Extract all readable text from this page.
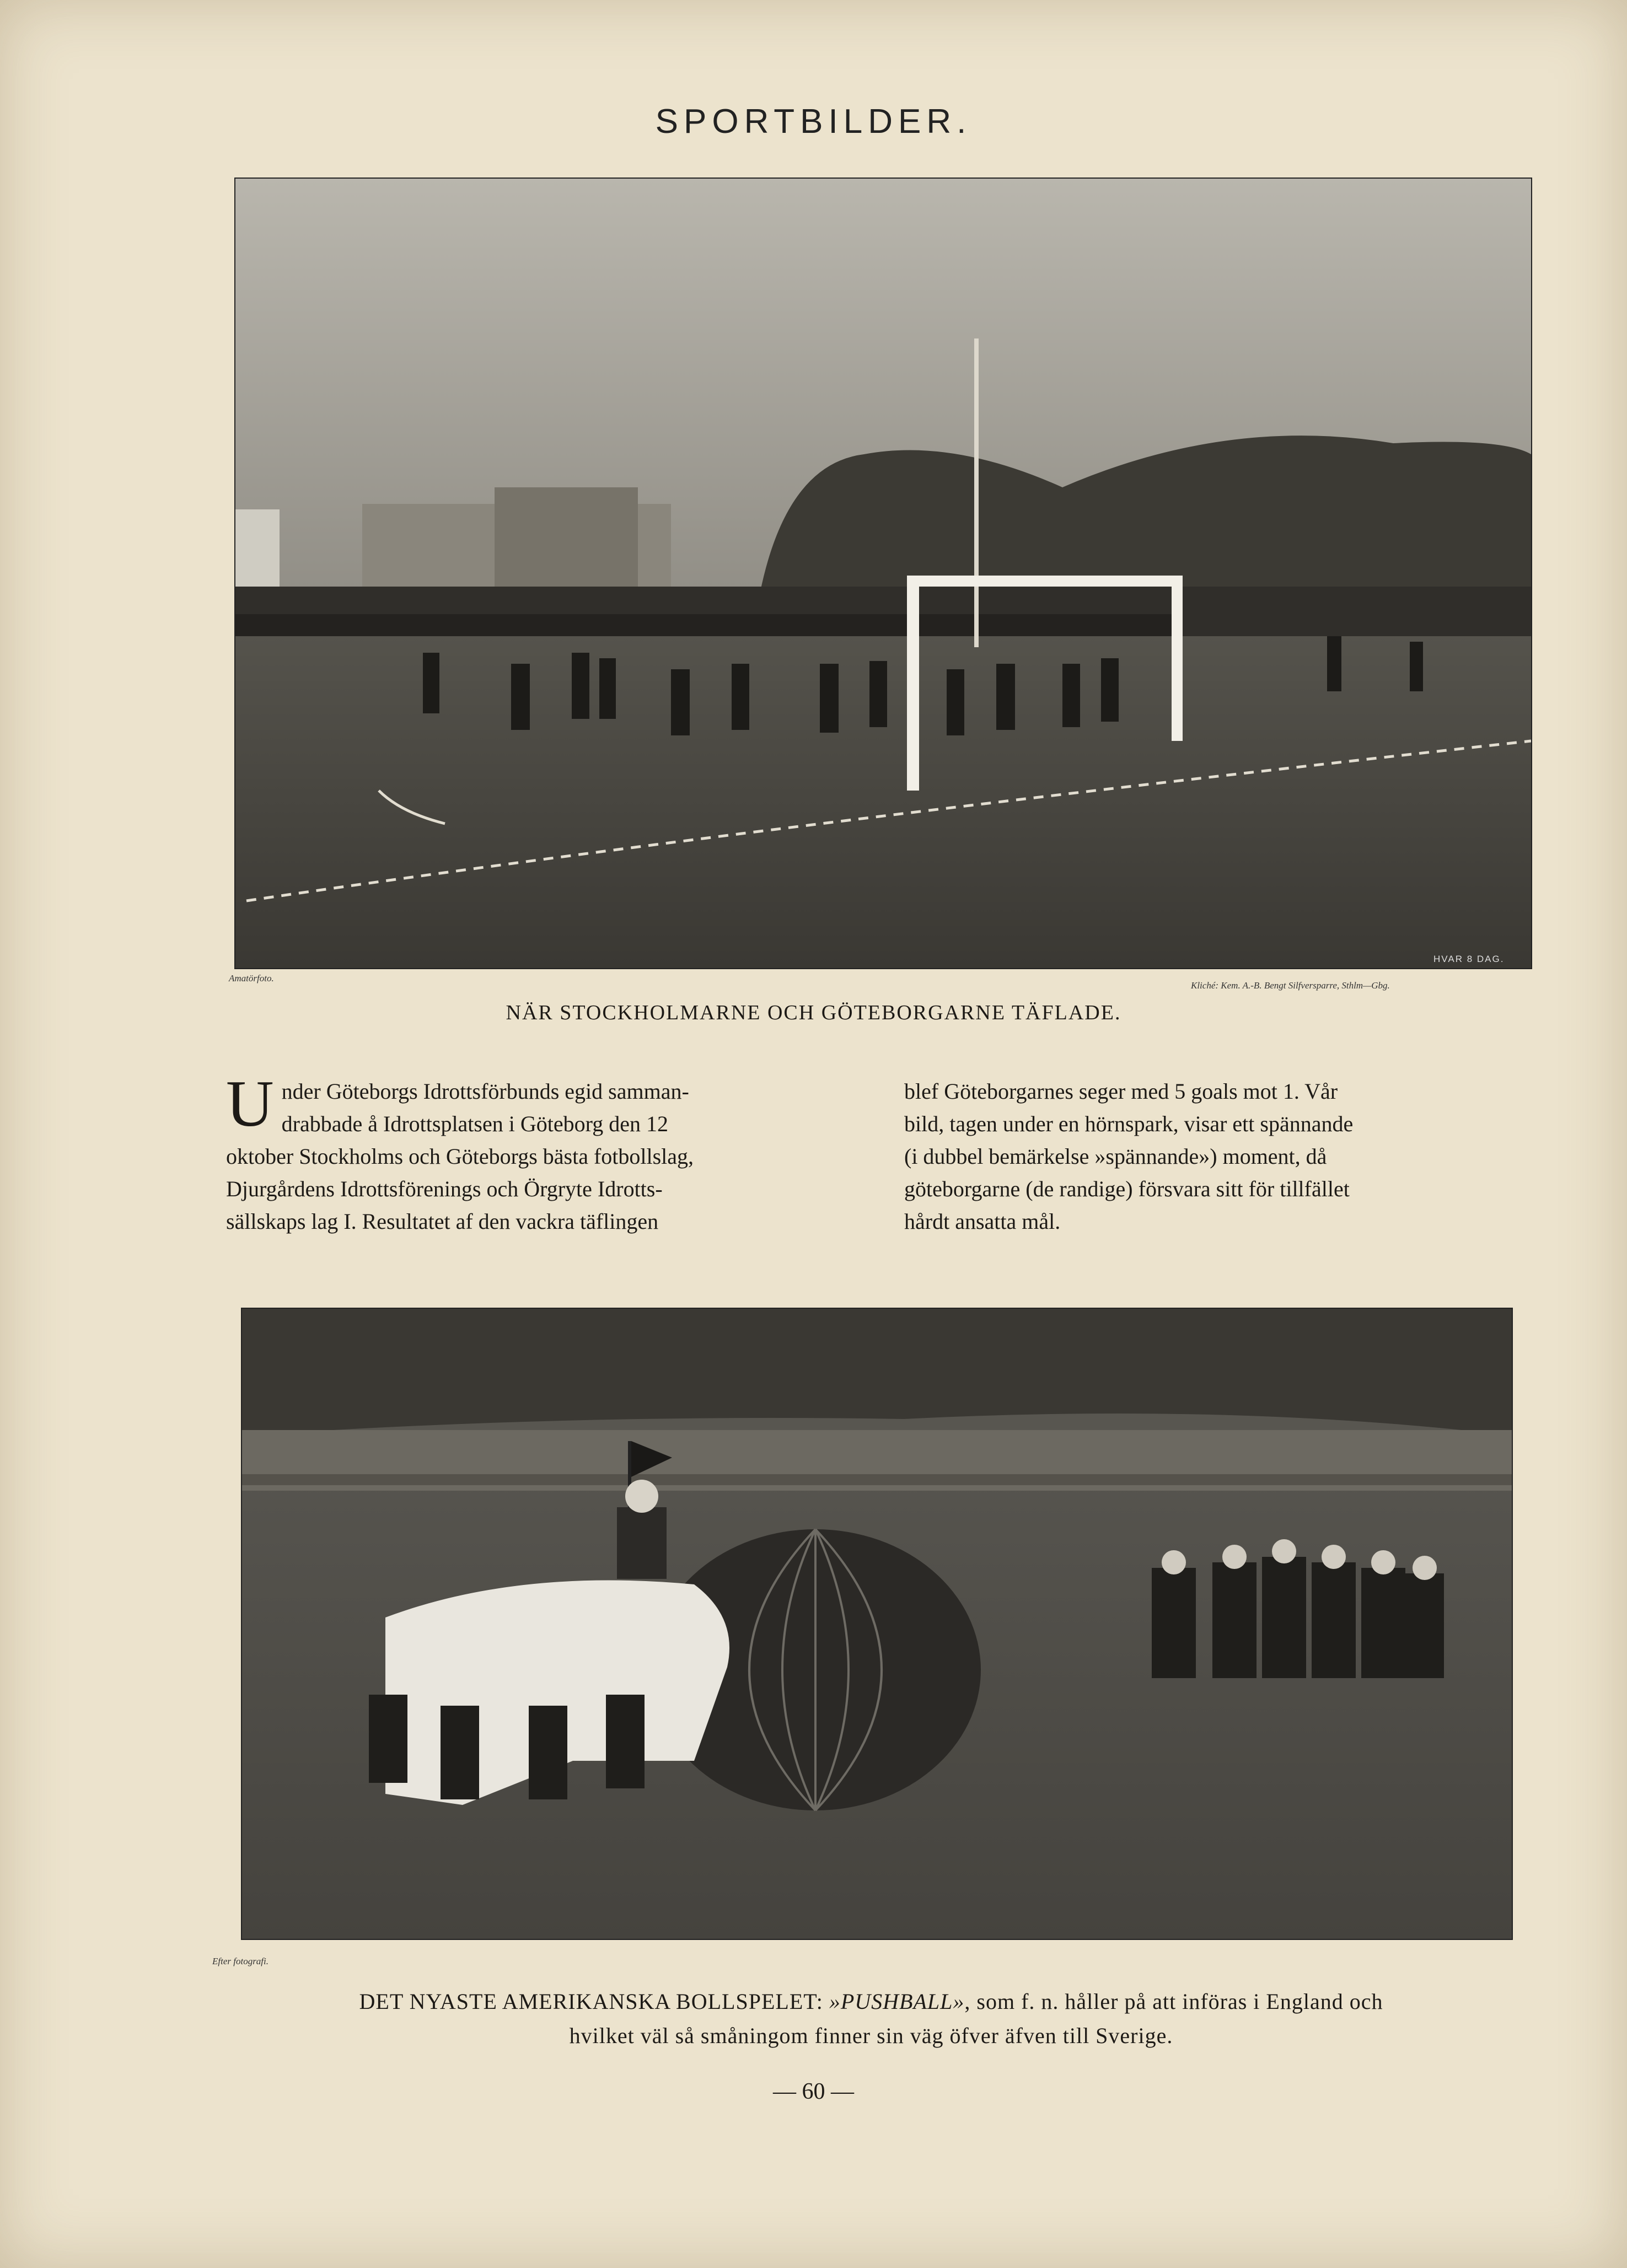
SPORTBILDER.
Amatörfoto.
Kliché: Kem. A.-B. Bengt Silfversparre, Sthlm—Gbg.
HVAR 8 DAG.
NÄR STOCKHOLMARNE OCH GÖTEBORGARNE TÄFLADE.
U nder Göteborgs Idrottsförbunds egid samman-
drabbade å Idrottsplatsen i Göteborg den 12
oktober Stockholms och Göteborgs bästa fotbollslag,
Djurgårdens Idrottsförenings och Örgryte Idrotts-
sällskaps lag I. Resultatet af den vackra täflingen
blef Göteborgarnes seger med 5 goals mot 1. Vår
bild, tagen under en hörnspark, visar ett spännande
(i dubbel bemärkelse »spännande») moment, då
göteborgarne (de randige) försvara sitt för tillfället
hårdt ansatta mål.
Efter fotografi.
DET NYASTE AMERIKANSKA BOLLSPELET: »PUSHBALL», som f. n. håller på att införas i England och
hvilket väl så småningom finner sin väg öfver äfven till Sverige.
— 60 —
